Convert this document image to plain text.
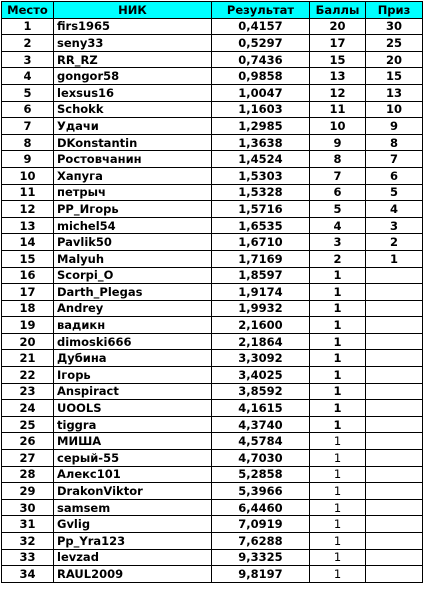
Место	НИК	Результат	Баллы	Приз
1	firs1965	0,4157	20	30
2	seny33	0,5297	17	25
3	RR_RZ	0,7436	15	20
4	gongor58	0,9858	13	15
5	lexsus16	1,0047	12	13
6	Schokk	1,1603	11	10
7	Удачи	1,2985	10	9
8	DKonstantin	1,3638	9	8
9	Ростовчанин	1,4524	8	7
10	Хапуга	1,5303	7	6
11	петрыч	1,5328	6	5
12	PP_Игорь	1,5716	5	4
13	michel54	1,6535	4	3
14	Pavlik50	1,6710	3	2
15	Malyuh	1,7169	2	1
16	Scorpi_O	1,8597	1	
17	Darth_Plegas	1,9174	1	
18	Andrey	1,9932	1	
19	вадикн	2,1600	1	
20	dimoski666	2,1864	1	
21	Дубина	3,3092	1	
22	Iгорь	3,4025	1	
23	Anspiract	3,8592	1	
24	UOOLS	4,1615	1	
25	tiggra	4,3740	1	
26	МИША	4,5784	1	
27	серый-55	4,7030	1	
28	Алекс101	5,2858	1	
29	DrakonViktor	5,3966	1	
30	samsem	6,4460	1	
31	Gvlig	7,0919	1	
32	Pp_Yra123	7,6288	1	
33	levzad	9,3325	1	
34	RAUL2009	9,8197	1	
